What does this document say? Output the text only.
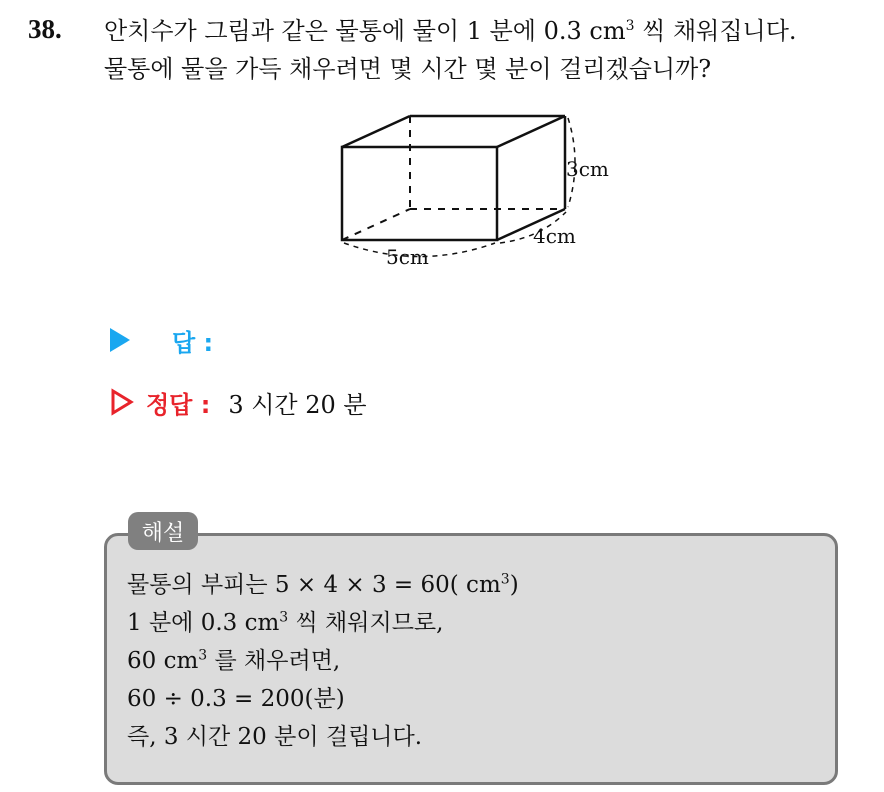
38. 안치수가 그림과 같은 물통에 물이 1 분에 0.3 $cm^3$ 씩 채워집니다.
물통에 물을 가득 채우려면 몇 시간 몇 분이 걸리겠습니까?
3cm
4cm
5cm
답 :
정답 : 3 시간 20 분
물통의 부피는 5 × 4 × 3 = 60( $cm^3$)
1 분에 0.3 $cm^3$ 씩 채워지므로,
60 $cm^3$ 를 채우려면,
60 ÷ 0.3 = 200(분)
즉, 3 시간 20 분이 걸립니다.
해설
